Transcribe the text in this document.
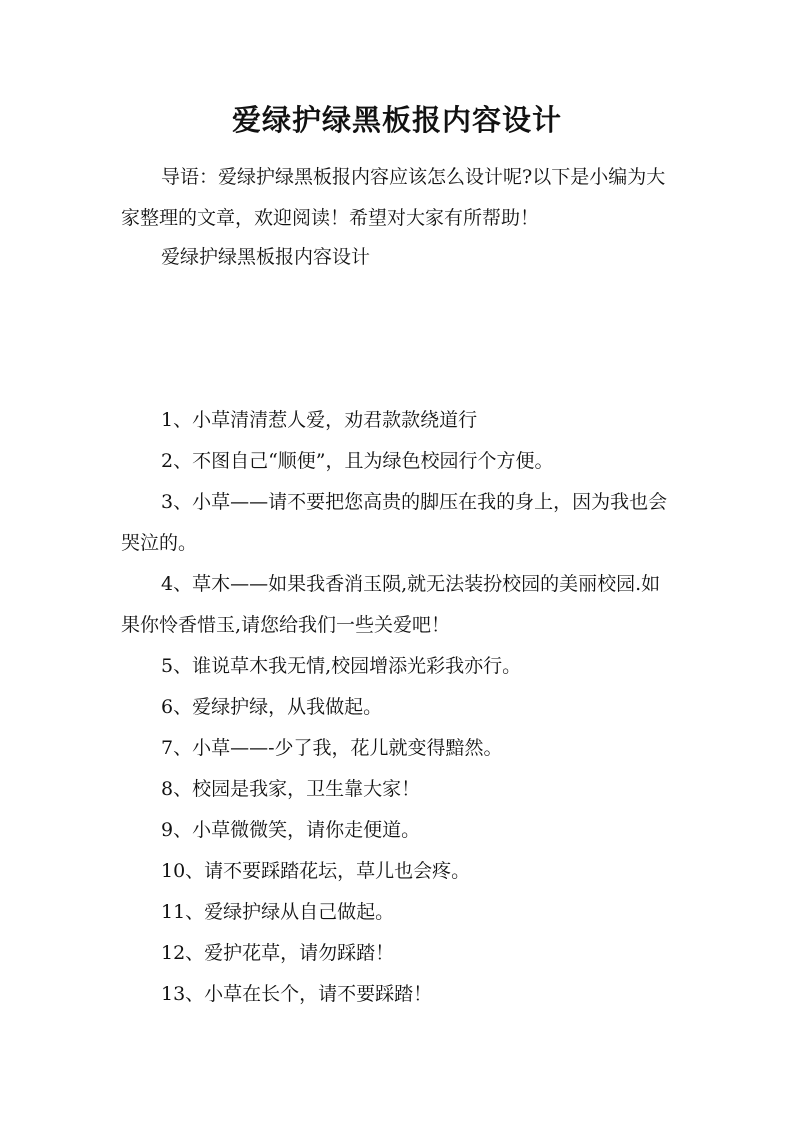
爱绿护绿黑板报内容设计

导语：爱绿护绿黑板报内容应该怎么设计呢?以下是小编为大家整理的文章，欢迎阅读！希望对大家有所帮助！

爱绿护绿黑板报内容设计

1、小草清清惹人爱，劝君款款绕道行
2、不图自己“顺便”，且为绿色校园行个方便。
3、小草——请不要把您高贵的脚压在我的身上，因为我也会哭泣的。
4、草木——如果我香消玉陨,就无法装扮校园的美丽校园.如果你怜香惜玉,请您给我们一些关爱吧！
5、谁说草木我无情,校园增添光彩我亦行。
6、爱绿护绿，从我做起。
7、小草——-少了我，花儿就变得黯然。
8、校园是我家，卫生靠大家！
9、小草微微笑，请你走便道。
10、请不要踩踏花坛，草儿也会疼。
11、爱绿护绿从自己做起。
12、爱护花草，请勿踩踏！
13、小草在长个，请不要踩踏！
